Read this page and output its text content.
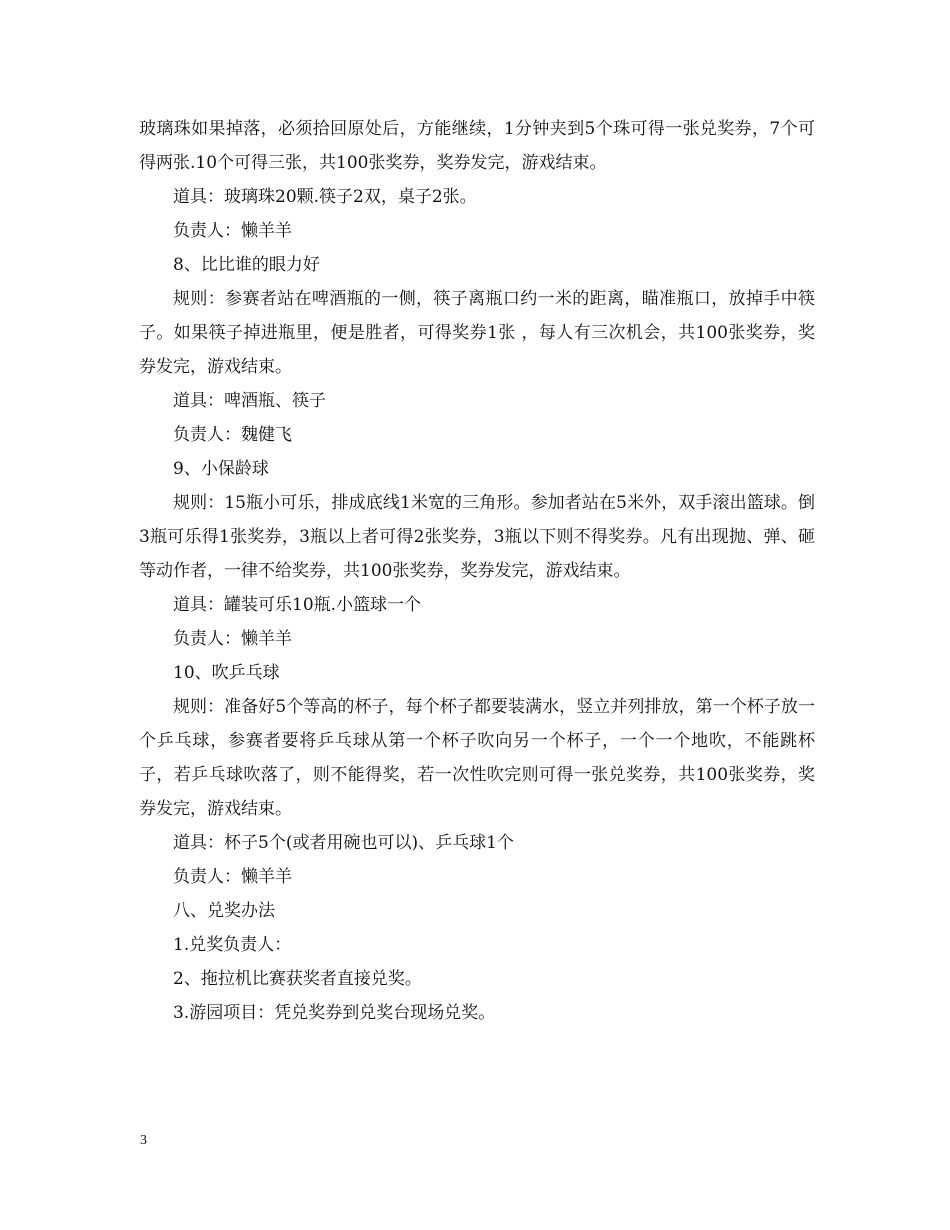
玻璃珠如果掉落，必须拾回原处后，方能继续，1分钟夹到5个珠可得一张兑奖券，7个可得两张.10个可得三张，共100张奖券，奖券发完，游戏结束。

道具：玻璃珠20颗.筷子2双，桌子2张。

负责人：懒羊羊

8、比比谁的眼力好

规则：参赛者站在啤酒瓶的一侧，筷子离瓶口约一米的距离，瞄准瓶口，放掉手中筷子。如果筷子掉进瓶里，便是胜者，可得奖券1张 ，每人有三次机会，共100张奖券，奖券发完，游戏结束。

道具：啤酒瓶、筷子

负责人：魏健飞

9、小保龄球

规则：15瓶小可乐，排成底线1米宽的三角形。参加者站在5米外，双手滚出篮球。倒3瓶可乐得1张奖券，3瓶以上者可得2张奖券，3瓶以下则不得奖券。凡有出现抛、弹、砸等动作者，一律不给奖券，共100张奖券，奖券发完，游戏结束。

道具：罐装可乐10瓶.小篮球一个

负责人：懒羊羊

10、吹乒乓球

规则：准备好5个等高的杯子，每个杯子都要装满水，竖立并列排放，第一个杯子放一个乒乓球，参赛者要将乒乓球从第一个杯子吹向另一个杯子，一个一个地吹，不能跳杯子，若乒乓球吹落了，则不能得奖，若一次性吹完则可得一张兑奖券，共100张奖券，奖券发完，游戏结束。

道具：杯子5个(或者用碗也可以)、乒乓球1个

负责人：懒羊羊

八、兑奖办法

1.兑奖负责人：

2、拖拉机比赛获奖者直接兑奖。

3.游园项目：凭兑奖券到兑奖台现场兑奖。

3
